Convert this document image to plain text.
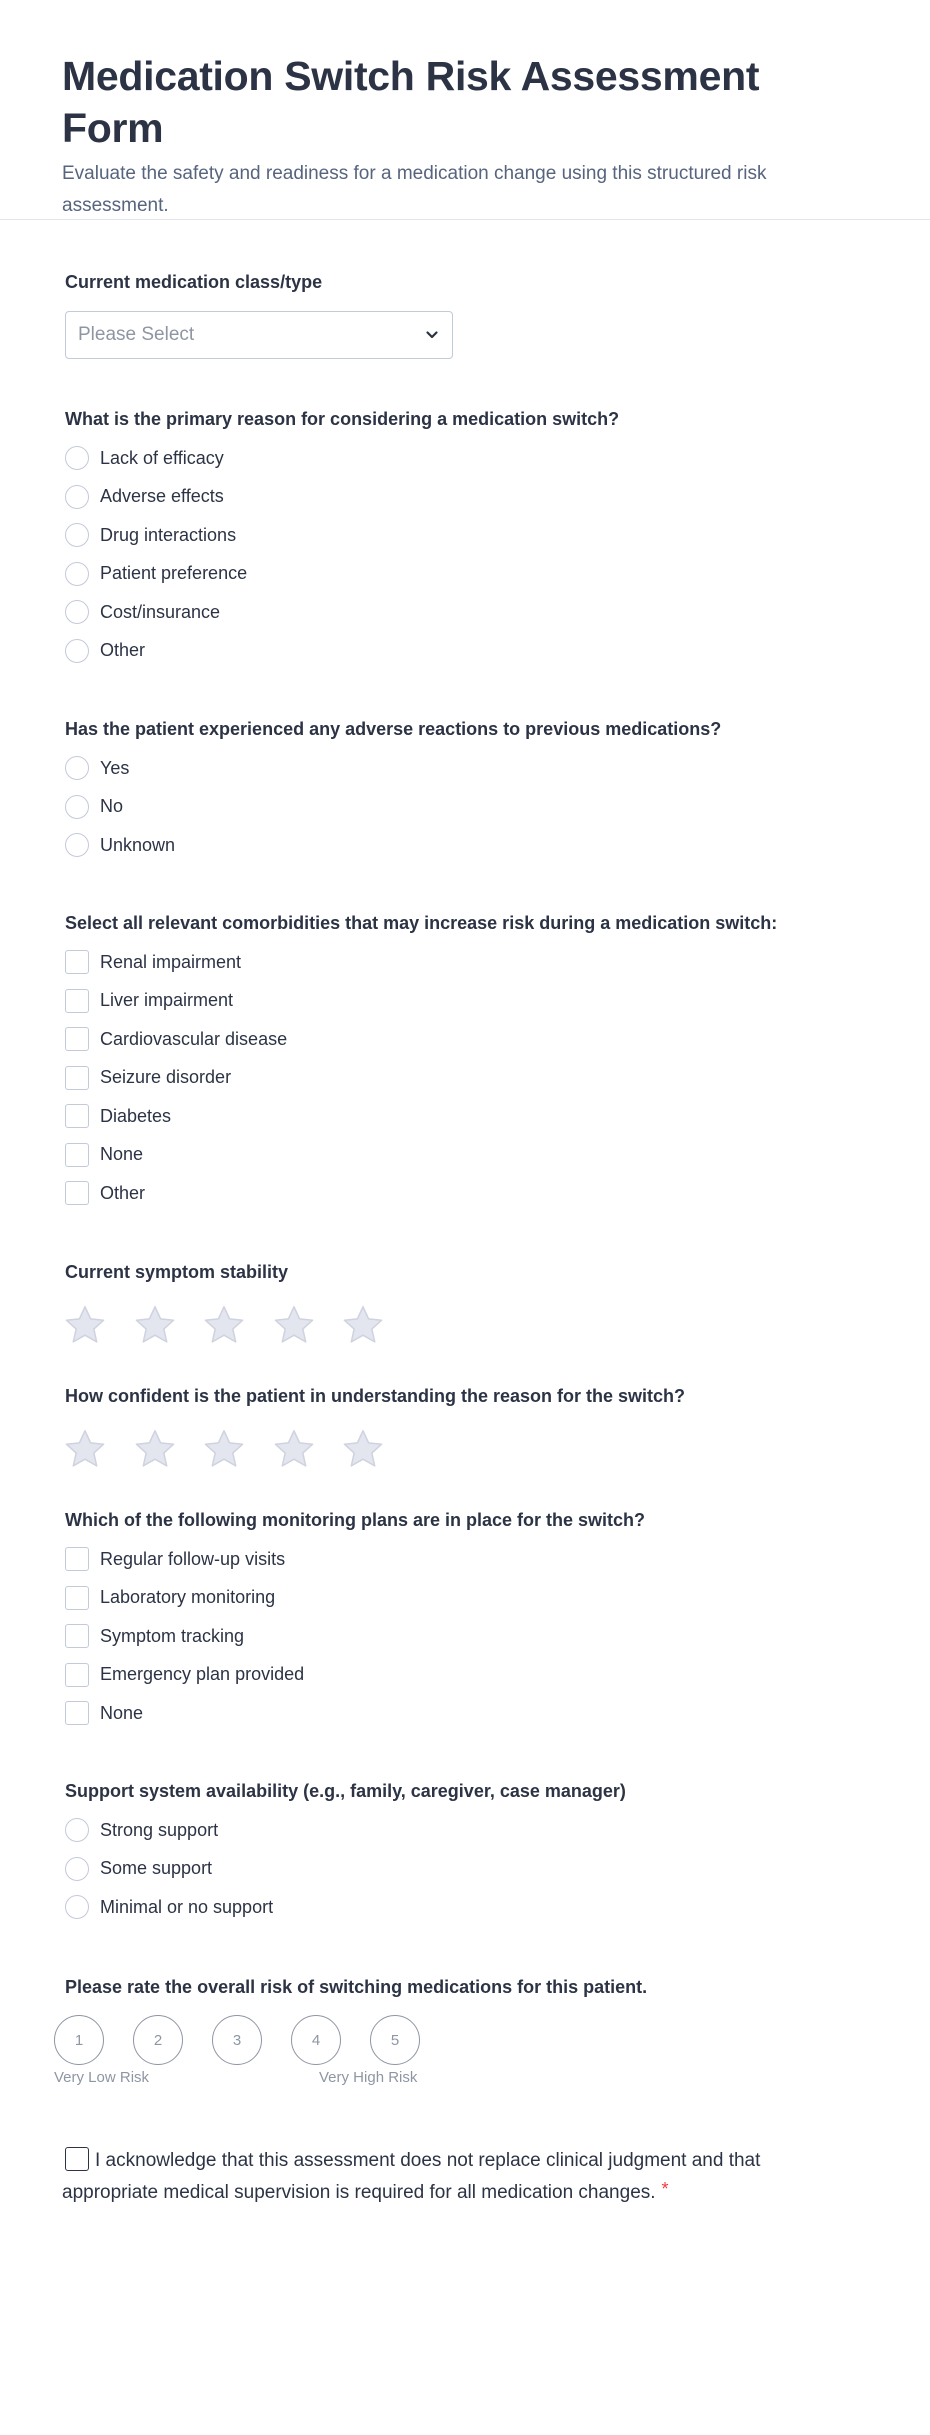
Medication Switch Risk Assessment Form

Evaluate the safety and readiness for a medication change using this structured risk assessment.

Current medication class/type
Please Select
What is the primary reason for considering a medication switch?
Lack of efficacy
Adverse effects
Drug interactions
Patient preference
Cost/insurance
Other
Has the patient experienced any adverse reactions to previous medications?
Yes
No
Unknown
Select all relevant comorbidities that may increase risk during a medication switch:
Renal impairment
Liver impairment
Cardiovascular disease
Seizure disorder
Diabetes
None
Other
Current symptom stability
How confident is the patient in understanding the reason for the switch?
Which of the following monitoring plans are in place for the switch?
Regular follow-up visits
Laboratory monitoring
Symptom tracking
Emergency plan provided
None
Support system availability (e.g., family, caregiver, case manager)
Strong support
Some support
Minimal or no support
Please rate the overall risk of switching medications for this patient.
1	2	3	4	5
Very Low Risk	Very High Risk
I acknowledge that this assessment does not replace clinical judgment and that appropriate medical supervision is required for all medication changes. *
